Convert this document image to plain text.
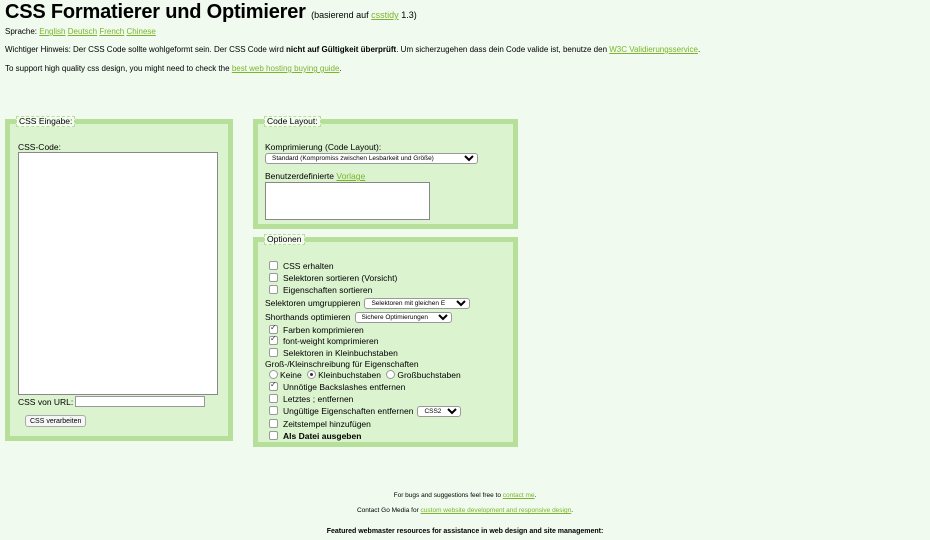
CSS Formatierer und Optimierer (basierend auf csstidy 1.3)
Sprache: English Deutsch French Chinese
Wichtiger Hinweis: Der CSS Code sollte wohlgeformt sein. Der CSS Code wird nicht auf Gültigkeit überprüft. Um sicherzugehen dass dein Code valide ist, benutze den W3C Validierungsservice.
To support high quality css design, you might need to check the best web hosting buying guide.
CSS Eingabe:
CSS-Code:
CSS von URL:
CSS verarbeiten
Code Layout:
Komprimierung (Code Layout):
Standard (Kompromiss zwischen Lesbarkeit und Größe)
Benutzerdefinierte Vorlage
Optionen
CSS erhalten
Selektoren sortieren (Vorsicht)
Eigenschaften sortieren
Selektoren umgruppieren
Selektoren mit gleichen E
Shorthands optimieren
Sichere Optimierungen
✓Farben komprimieren
✓font-weight komprimieren
Selektoren in Kleinbuchstaben
Groß-/Kleinschreibung für Eigenschaften
Keine Kleinbuchstaben Großbuchstaben
✓Unnötige Backslashes entfernen
Letztes ; entfernen
Ungültige Eigenschaften entfernen
CSS2.1
Zeitstempel hinzufügen
Als Datei ausgeben
For bugs and suggestions feel free to contact me.
Contact Go Media for custom website development and responsive design.
Featured webmaster resources for assistance in web design and site management:
